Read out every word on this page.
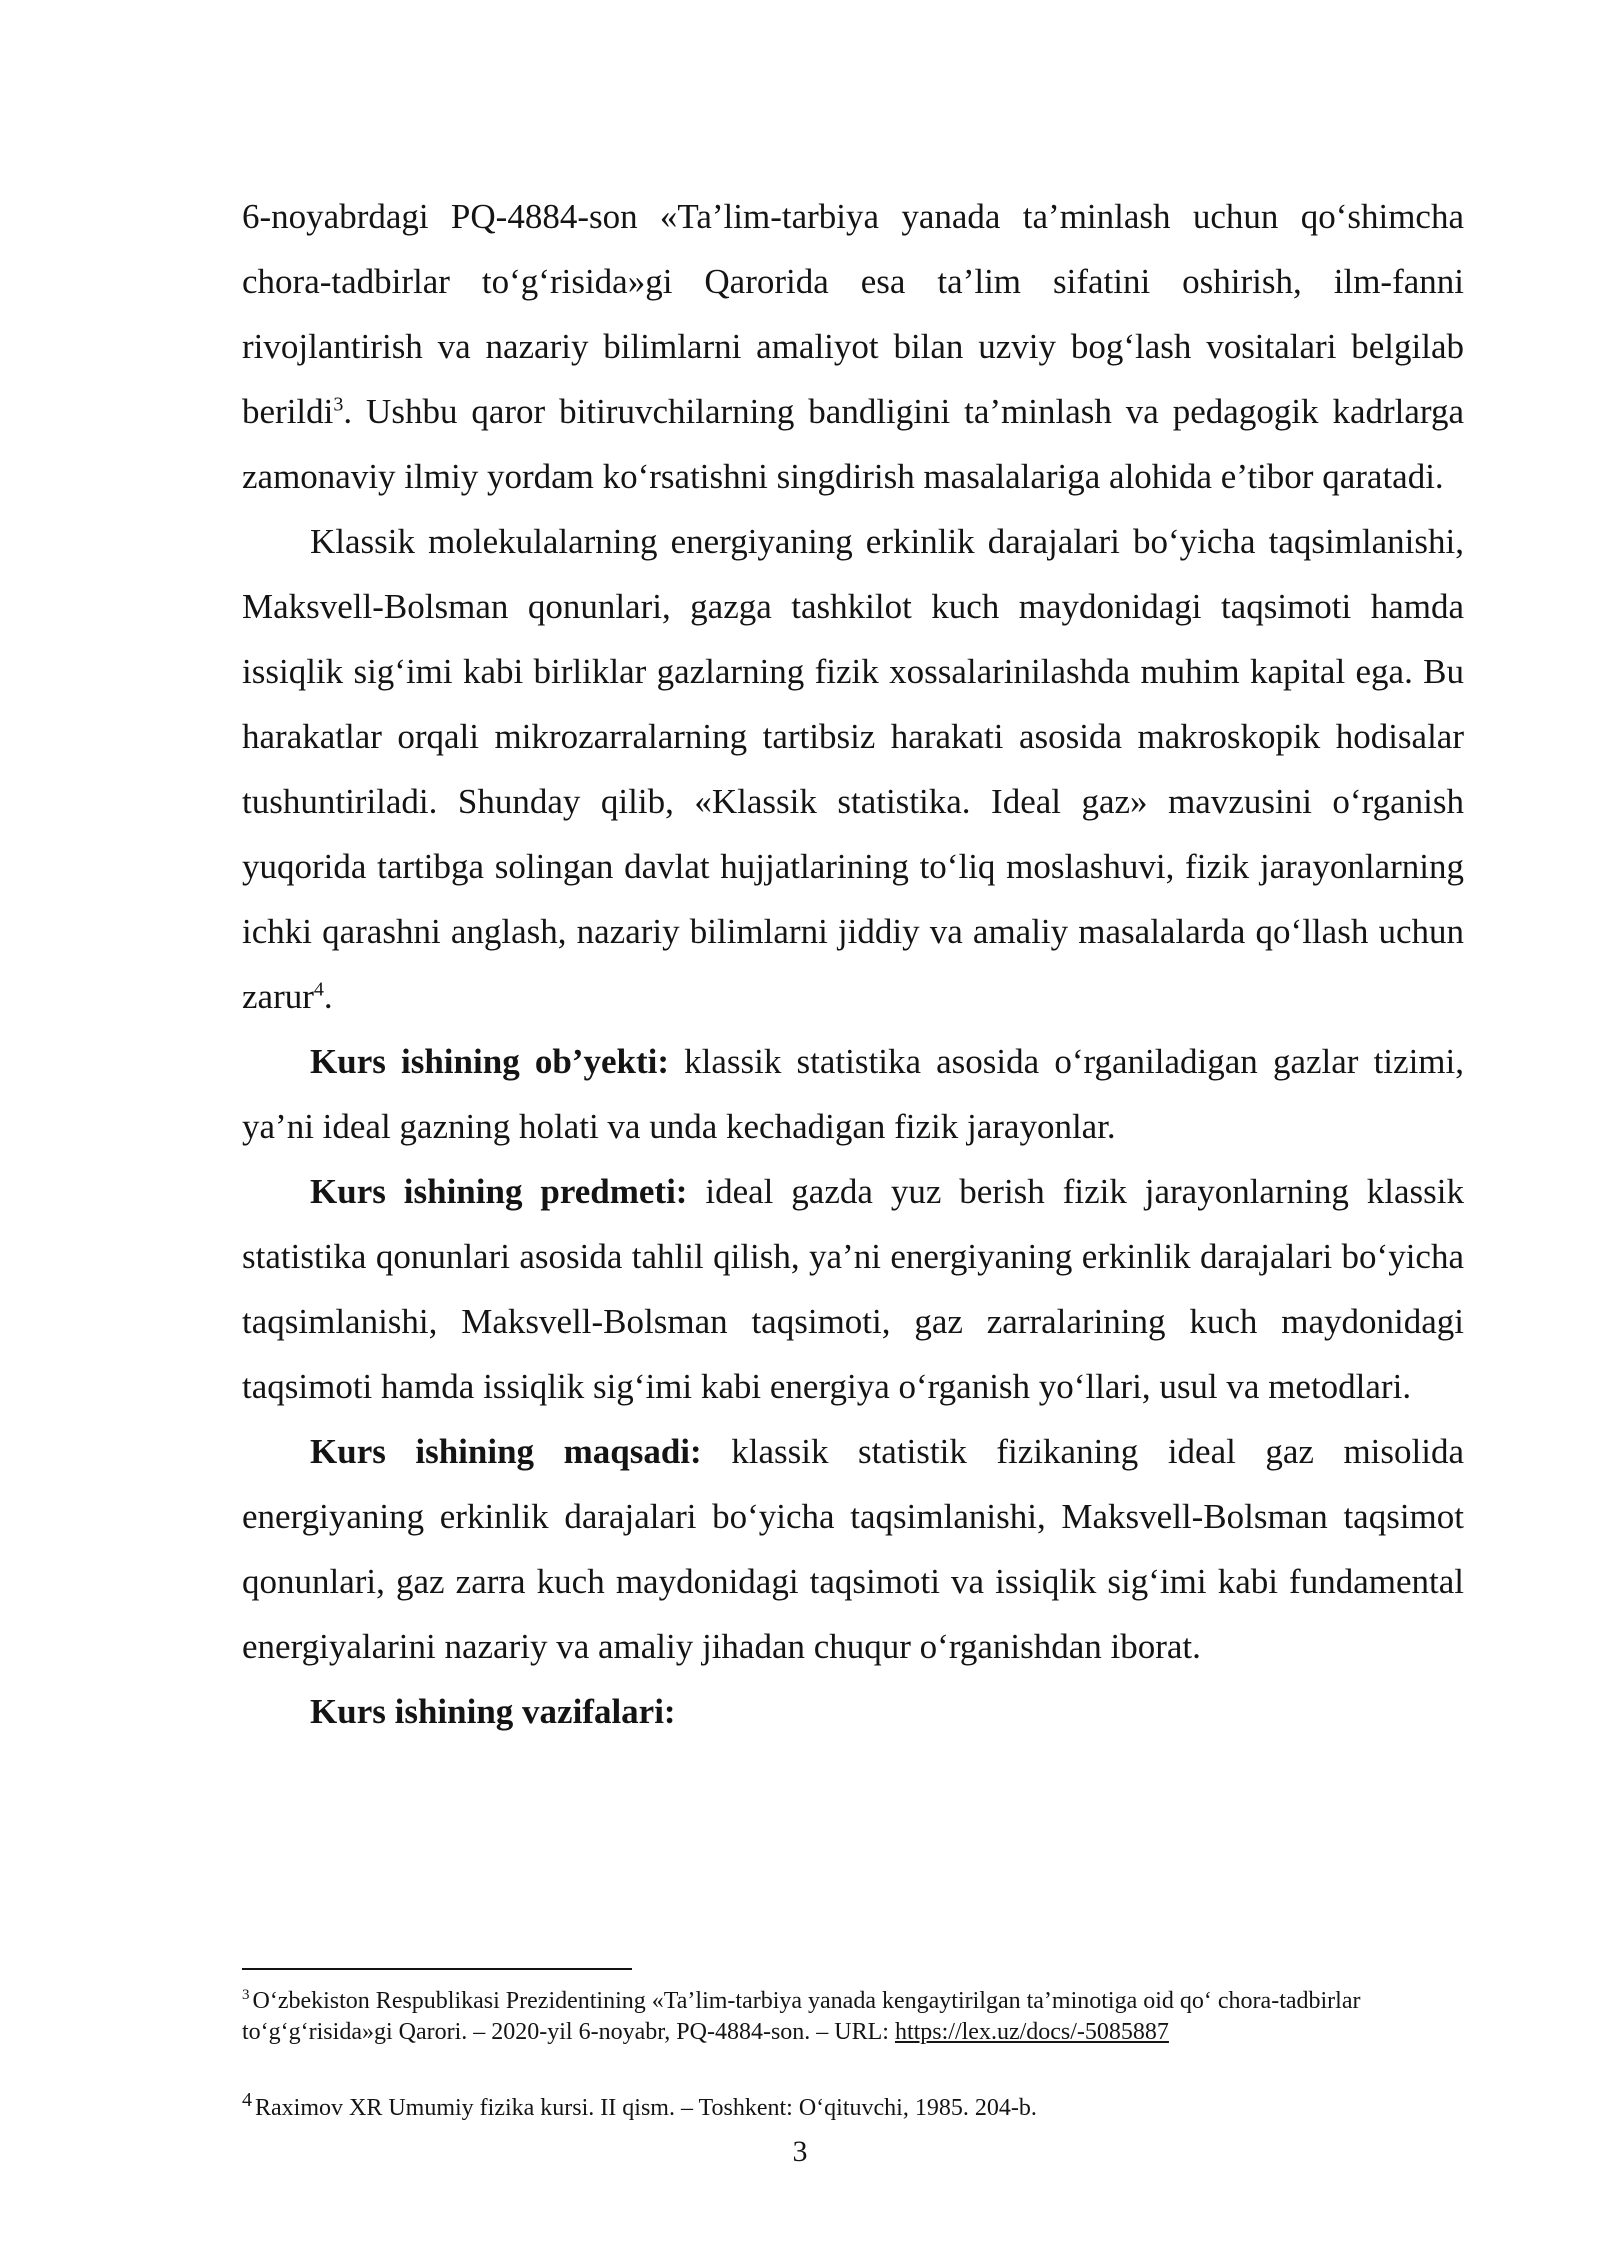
6-noyabrdagi PQ-4884-son «Ta’lim-tarbiya yanada ta’minlash uchun qo‘shimcha chora-tadbirlar to‘g‘risida»gi Qarorida esa ta’lim sifatini oshirish, ilm-fanni rivojlantirish va nazariy bilimlarni amaliyot bilan uzviy bog‘lash vositalari belgilab berildi$^3$. Ushbu qaror bitiruvchilarning bandligini ta’minlash va pedagogik kadrlarga zamonaviy ilmiy yordam ko‘rsatishni singdirish masalalariga alohida e’tibor qaratadi.

Klassik molekulalarning energiyaning erkinlik darajalari bo‘yicha taqsimlanishi, Maksvell-Bolsman qonunlari, gazga tashkilot kuch maydonidagi taqsimoti hamda issiqlik sig‘imi kabi birliklar gazlarning fizik xossalarinilashda muhim kapital ega. Bu harakatlar orqali mikrozarralarning tartibsiz harakati asosida makroskopik hodisalar tushuntiriladi. Shunday qilib, «Klassik statistika. Ideal gaz» mavzusini o‘rganish yuqorida tartibga solingan davlat hujjatlarining to‘liq moslashuvi, fizik jarayonlarning ichki qarashni anglash, nazariy bilimlarni jiddiy va amaliy masalalarda qo‘llash uchun zarur$^4$.

Kurs ishining ob’yekti: klassik statistika asosida o‘rganiladigan gazlar tizimi, ya’ni ideal gazning holati va unda kechadigan fizik jarayonlar.

Kurs ishining predmeti: ideal gazda yuz berish fizik jarayonlarning klassik statistika qonunlari asosida tahlil qilish, ya’ni energiyaning erkinlik darajalari bo‘yicha taqsimlanishi, Maksvell-Bolsman taqsimoti, gaz zarralarining kuch maydonidagi taqsimoti hamda issiqlik sig‘imi kabi energiya o‘rganish yo‘llari, usul va metodlari.

Kurs ishining maqsadi: klassik statistik fizikaning ideal gaz misolida energiyaning erkinlik darajalari bo‘yicha taqsimlanishi, Maksvell-Bolsman taqsimot qonunlari, gaz zarra kuch maydonidagi taqsimoti va issiqlik sig‘imi kabi fundamental energiyalarini nazariy va amaliy jihadan chuqur o‘rganishdan iborat.

Kurs ishining vazifalari:

$^3$ O‘zbekiston Respublikasi Prezidentining «Ta’lim-tarbiya yanada kengaytirilgan ta’minotiga oid qo‘ chora-tadbirlar to‘g‘g‘risida»gi Qarori. – 2020-yil 6-noyabr, PQ-4884-son. – URL: https://lex.uz/docs/-5085887

$^4$ Raximov XR Umumiy fizika kursi. II qism. – Toshkent: O‘qituvchi, 1985. 204-b.

3
